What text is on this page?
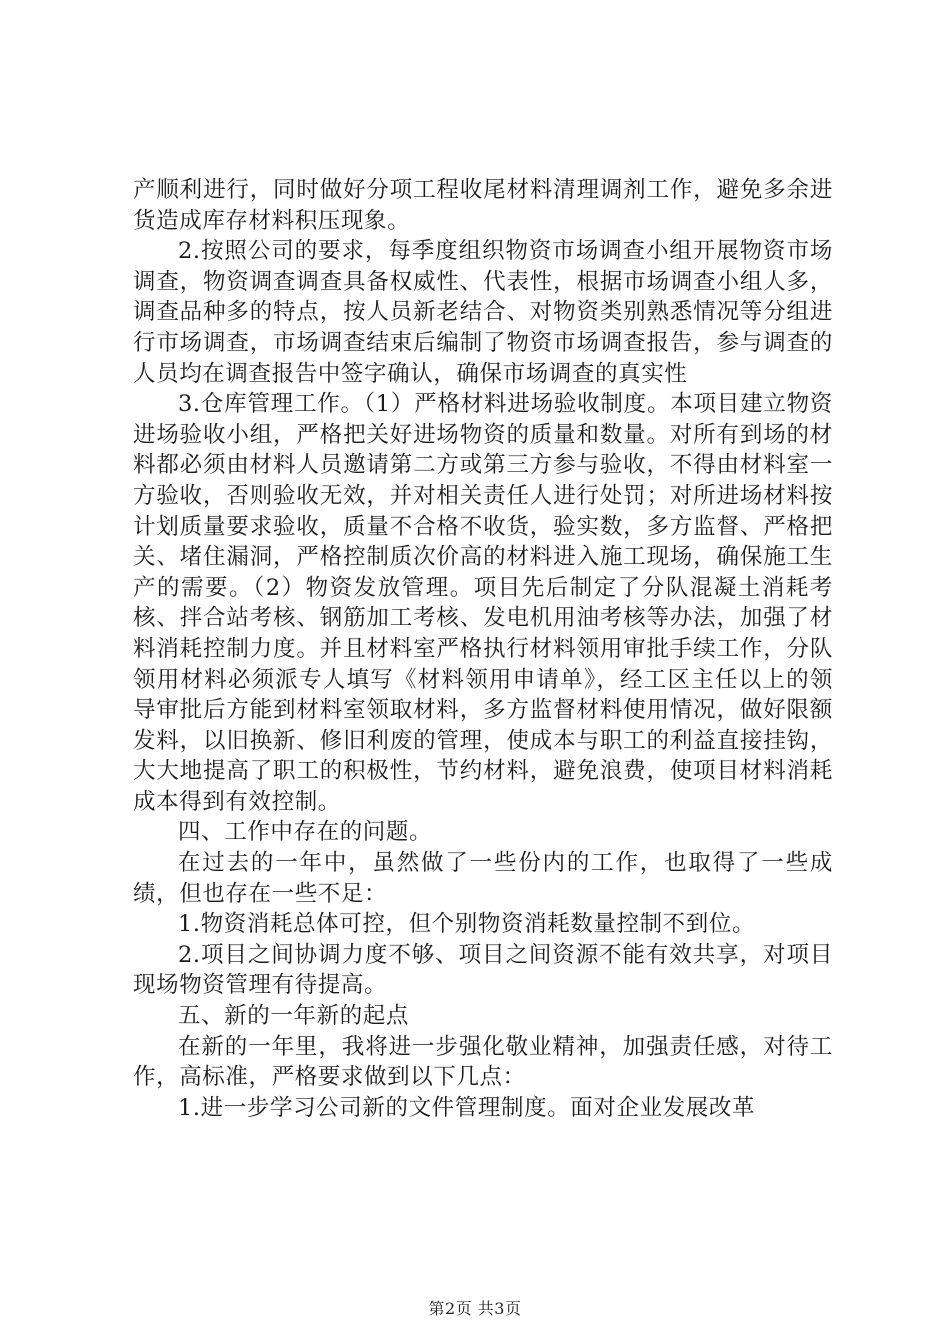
产顺利进行，同时做好分项工程收尾材料清理调剂工作，避免多余进货造成库存材料积压现象。

2.按照公司的要求，每季度组织物资市场调查小组开展物资市场调查，物资调查调查具备权威性、代表性，根据市场调查小组人多，调查品种多的特点，按人员新老结合、对物资类别熟悉情况等分组进行市场调查，市场调查结束后编制了物资市场调查报告，参与调查的人员均在调查报告中签字确认，确保市场调查的真实性

3.仓库管理工作。（1）严格材料进场验收制度。本项目建立物资进场验收小组，严格把关好进场物资的质量和数量。对所有到场的材料都必须由材料人员邀请第二方或第三方参与验收，不得由材料室一方验收，否则验收无效，并对相关责任人进行处罚；对所进场材料按计划质量要求验收，质量不合格不收货，验实数，多方监督、严格把关、堵住漏洞，严格控制质次价高的材料进入施工现场，确保施工生产的需要。（2）物资发放管理。项目先后制定了分队混凝土消耗考核、拌合站考核、钢筋加工考核、发电机用油考核等办法，加强了材料消耗控制力度。并且材料室严格执行材料领用审批手续工作，分队领用材料必须派专人填写《材料领用申请单》，经工区主任以上的领导审批后方能到材料室领取材料，多方监督材料使用情况，做好限额发料，以旧换新、修旧利废的管理，使成本与职工的利益直接挂钩，大大地提高了职工的积极性，节约材料，避免浪费，使项目材料消耗成本得到有效控制。

四、工作中存在的问题。

在过去的一年中，虽然做了一些份内的工作，也取得了一些成绩，但也存在一些不足：

1.物资消耗总体可控，但个别物资消耗数量控制不到位。

2.项目之间协调力度不够、项目之间资源不能有效共享，对项目现场物资管理有待提高。

五、新的一年新的起点

在新的一年里，我将进一步强化敬业精神，加强责任感，对待工作，高标准，严格要求做到以下几点：

1.进一步学习公司新的文件管理制度。面对企业发展改革

第2页 共3页
